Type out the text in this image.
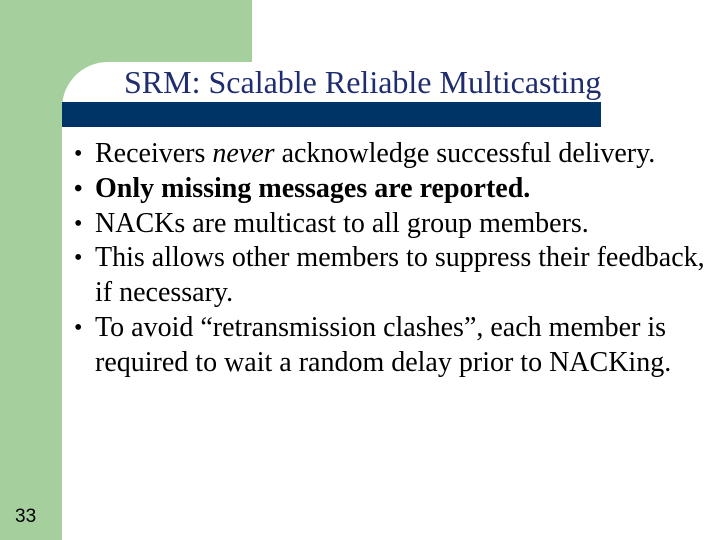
SRM: Scalable Reliable Multicasting
• Receivers never acknowledge successful delivery.
• Only missing messages are reported.
• NACKs are multicast to all group members.
• This allows other members to suppress their feedback, if necessary.
• To avoid “retransmission clashes”, each member is required to wait a random delay prior to NACKing.
33
